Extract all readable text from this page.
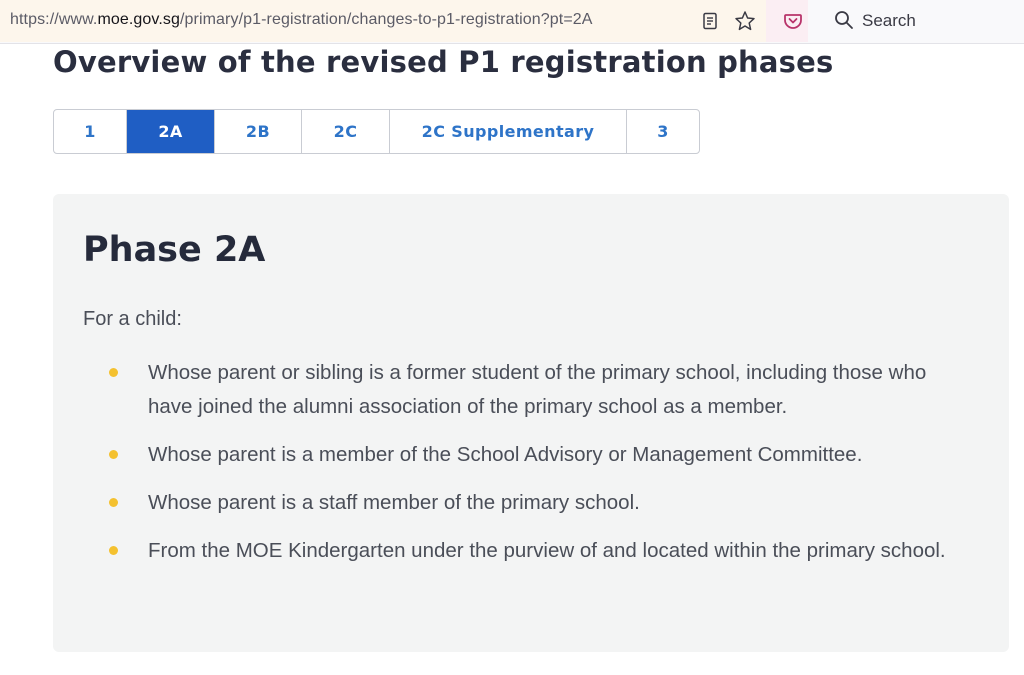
https://www.moe.gov.sg/primary/p1-registration/changes-to-p1-registration?pt=2A	Search
Overview of the revised P1 registration phases
1	2A	2B	2C	2C Supplementary	3
Phase 2A

For a child:

Whose parent or sibling is a former student of the primary school, including those who have joined the alumni association of the primary school as a member.
Whose parent is a member of the School Advisory or Management Committee.
Whose parent is a staff member of the primary school.
From the MOE Kindergarten under the purview of and located within the primary school.
